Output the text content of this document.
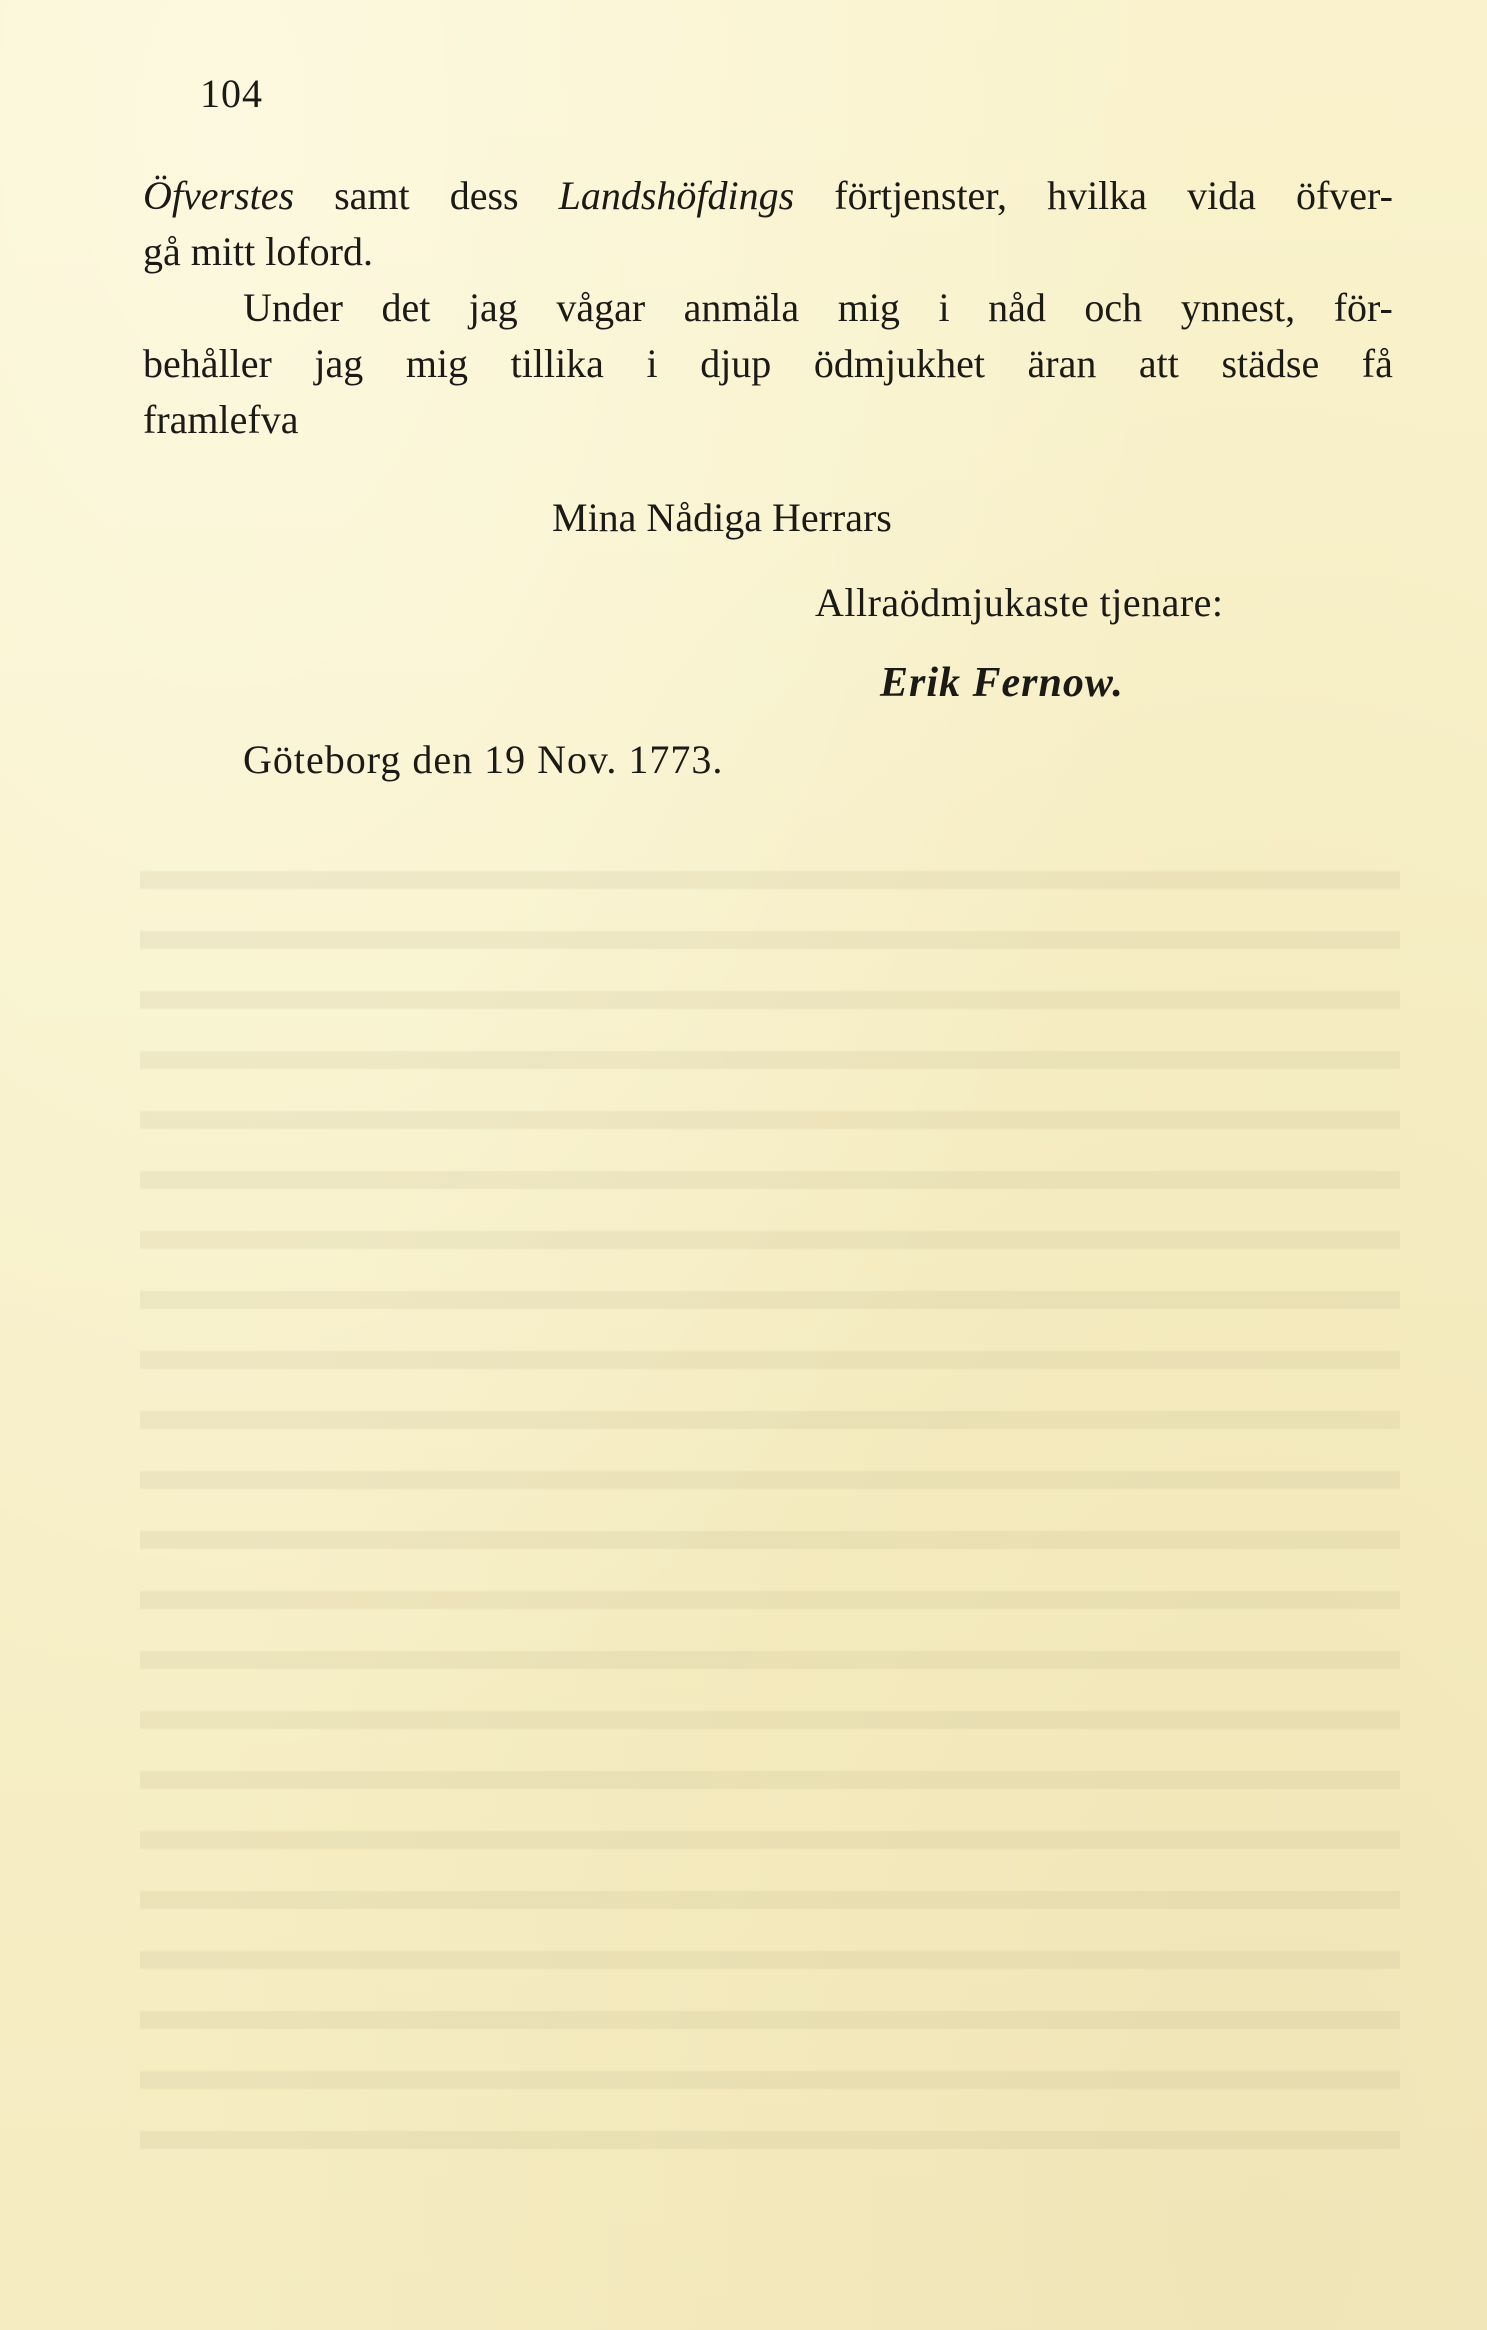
104
Öfverstes samt dess Landshöfdings förtjenster, hvilka vida öfver-
gå mitt loford.
Under det jag vågar anmäla mig i nåd och ynnest, för-
behåller jag mig tillika i djup ödmjukhet äran att städse få
framlefva
Mina Nådiga Herrars
Allraödmjukaste tjenare:
Erik Fernow.
Göteborg den 19 Nov. 1773.
